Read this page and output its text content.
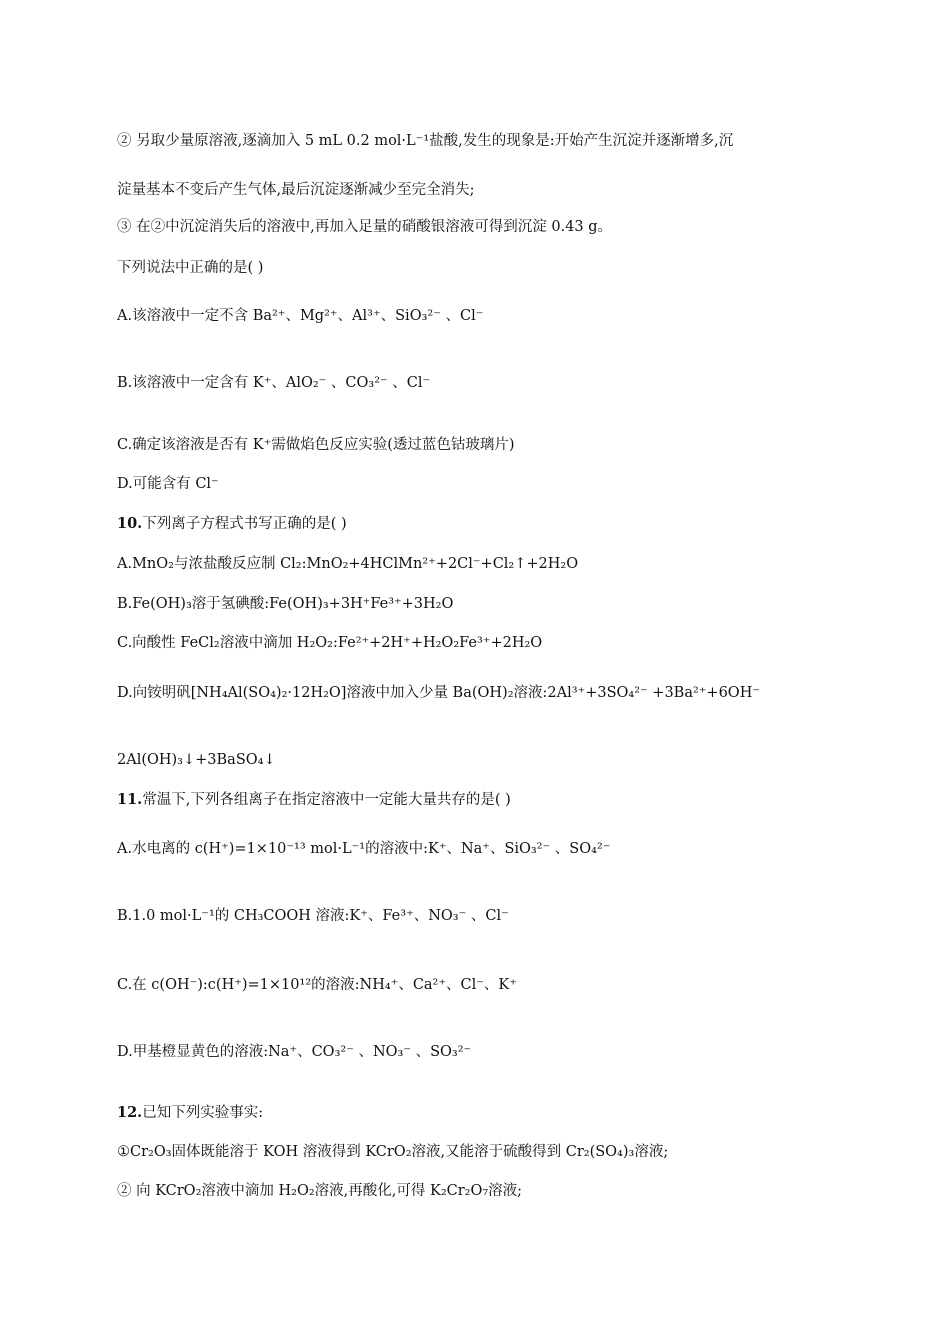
② 另取少量原溶液,逐滴加入 5 mL 0.2 mol·L⁻¹盐酸,发生的现象是:开始产生沉淀并逐渐增多,沉
淀量基本不变后产生气体,最后沉淀逐渐减少至完全消失;
③ 在②中沉淀消失后的溶液中,再加入足量的硝酸银溶液可得到沉淀 0.43 g。
下列说法中正确的是( )
A.该溶液中一定不含 Ba²⁺、Mg²⁺、Al³⁺、SiO₃²⁻ 、Cl⁻
B.该溶液中一定含有 K⁺、AlO₂⁻ 、CO₃²⁻ 、Cl⁻
C.确定该溶液是否有 K⁺需做焰色反应实验(透过蓝色钴玻璃片)
D.可能含有 Cl⁻
10.下列离子方程式书写正确的是( )
A.MnO₂与浓盐酸反应制 Cl₂:MnO₂+4HClMn²⁺+2Cl⁻+Cl₂↑+2H₂O
B.Fe(OH)₃溶于氢碘酸:Fe(OH)₃+3H⁺Fe³⁺+3H₂O
C.向酸性 FeCl₂溶液中滴加 H₂O₂:Fe²⁺+2H⁺+H₂O₂Fe³⁺+2H₂O
D.向铵明矾[NH₄Al(SO₄)₂·12H₂O]溶液中加入少量 Ba(OH)₂溶液:2Al³⁺+3SO₄²⁻ +3Ba²⁺+6OH⁻
2Al(OH)₃↓+3BaSO₄↓
11.常温下,下列各组离子在指定溶液中一定能大量共存的是( )
A.水电离的 c(H⁺)=1×10⁻¹³ mol·L⁻¹的溶液中:K⁺、Na⁺、SiO₃²⁻ 、SO₄²⁻
B.1.0 mol·L⁻¹的 CH₃COOH 溶液:K⁺、Fe³⁺、NO₃⁻ 、Cl⁻
C.在 c(OH⁻):c(H⁺)=1×10¹²的溶液:NH₄⁺、Ca²⁺、Cl⁻、K⁺
D.甲基橙显黄色的溶液:Na⁺、CO₃²⁻ 、NO₃⁻ 、SO₃²⁻
12.已知下列实验事实:
①Cr₂O₃固体既能溶于 KOH 溶液得到 KCrO₂溶液,又能溶于硫酸得到 Cr₂(SO₄)₃溶液;
② 向 KCrO₂溶液中滴加 H₂O₂溶液,再酸化,可得 K₂Cr₂O₇溶液;
